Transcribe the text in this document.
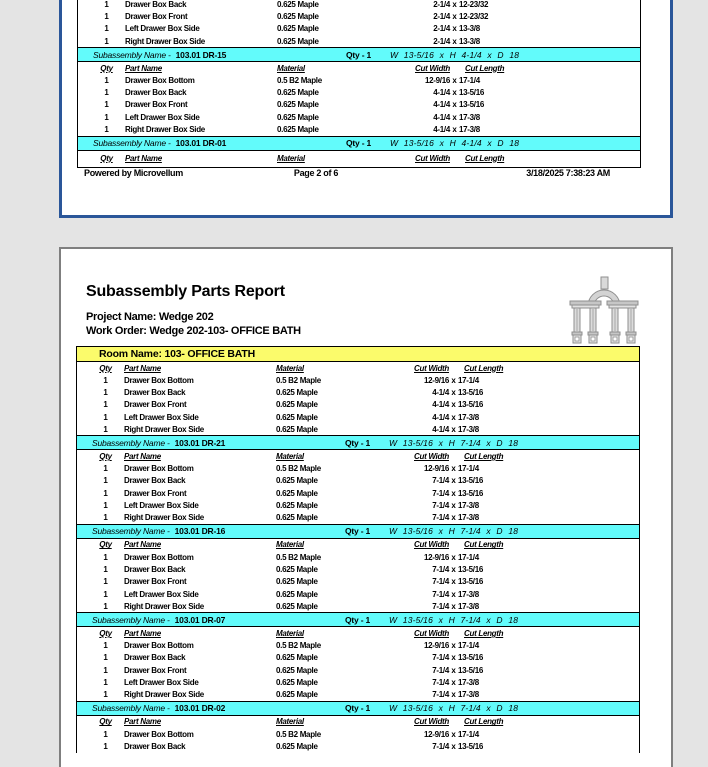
1	Drawer Box Back	0.625 Maple	2-1/4 x 12-23/32
1	Drawer Box Front	0.625 Maple	2-1/4 x 12-23/32
1	Left Drawer Box Side	0.625 Maple	2-1/4 x 13-3/8
1	Right Drawer Box Side	0.625 Maple	2-1/4 x 13-3/8
Subassembly Name - 103.01 DR-15	Qty - 1	W 13-5/16 x H 4-1/4 x D 18
Qty	Part Name	Material	Cut Width	Cut Length
1	Drawer Box Bottom	0.5 B2 Maple	12-9/16 x 17-1/4
1	Drawer Box Back	0.625 Maple	4-1/4 x 13-5/16
1	Drawer Box Front	0.625 Maple	4-1/4 x 13-5/16
1	Left Drawer Box Side	0.625 Maple	4-1/4 x 17-3/8
1	Right Drawer Box Side	0.625 Maple	4-1/4 x 17-3/8
Subassembly Name - 103.01 DR-01	Qty - 1	W 13-5/16 x H 4-1/4 x D 18
Qty	Part Name	Material	Cut Width	Cut Length
Powered by Microvellum	Page 2 of 6	3/18/2025 7:38:23 AM
Subassembly Parts Report
Project Name: Wedge 202
Work Order: Wedge 202-103- OFFICE BATH
Room Name: 103- OFFICE BATH
Qty	Part Name	Material	Cut Width	Cut Length
1	Drawer Box Bottom	0.5 B2 Maple	12-9/16 x 17-1/4
1	Drawer Box Back	0.625 Maple	4-1/4 x 13-5/16
1	Drawer Box Front	0.625 Maple	4-1/4 x 13-5/16
1	Left Drawer Box Side	0.625 Maple	4-1/4 x 17-3/8
1	Right Drawer Box Side	0.625 Maple	4-1/4 x 17-3/8
Subassembly Name - 103.01 DR-21	Qty - 1	W 13-5/16 x H 7-1/4 x D 18
Qty	Part Name	Material	Cut Width	Cut Length
1	Drawer Box Bottom	0.5 B2 Maple	12-9/16 x 17-1/4
1	Drawer Box Back	0.625 Maple	7-1/4 x 13-5/16
1	Drawer Box Front	0.625 Maple	7-1/4 x 13-5/16
1	Left Drawer Box Side	0.625 Maple	7-1/4 x 17-3/8
1	Right Drawer Box Side	0.625 Maple	7-1/4 x 17-3/8
Subassembly Name - 103.01 DR-16	Qty - 1	W 13-5/16 x H 7-1/4 x D 18
Qty	Part Name	Material	Cut Width	Cut Length
1	Drawer Box Bottom	0.5 B2 Maple	12-9/16 x 17-1/4
1	Drawer Box Back	0.625 Maple	7-1/4 x 13-5/16
1	Drawer Box Front	0.625 Maple	7-1/4 x 13-5/16
1	Left Drawer Box Side	0.625 Maple	7-1/4 x 17-3/8
1	Right Drawer Box Side	0.625 Maple	7-1/4 x 17-3/8
Subassembly Name - 103.01 DR-07	Qty - 1	W 13-5/16 x H 7-1/4 x D 18
Qty	Part Name	Material	Cut Width	Cut Length
1	Drawer Box Bottom	0.5 B2 Maple	12-9/16 x 17-1/4
1	Drawer Box Back	0.625 Maple	7-1/4 x 13-5/16
1	Drawer Box Front	0.625 Maple	7-1/4 x 13-5/16
1	Left Drawer Box Side	0.625 Maple	7-1/4 x 17-3/8
1	Right Drawer Box Side	0.625 Maple	7-1/4 x 17-3/8
Subassembly Name - 103.01 DR-02	Qty - 1	W 13-5/16 x H 7-1/4 x D 18
Qty	Part Name	Material	Cut Width	Cut Length
1	Drawer Box Bottom	0.5 B2 Maple	12-9/16 x 17-1/4
1	Drawer Box Back	0.625 Maple	7-1/4 x 13-5/16
